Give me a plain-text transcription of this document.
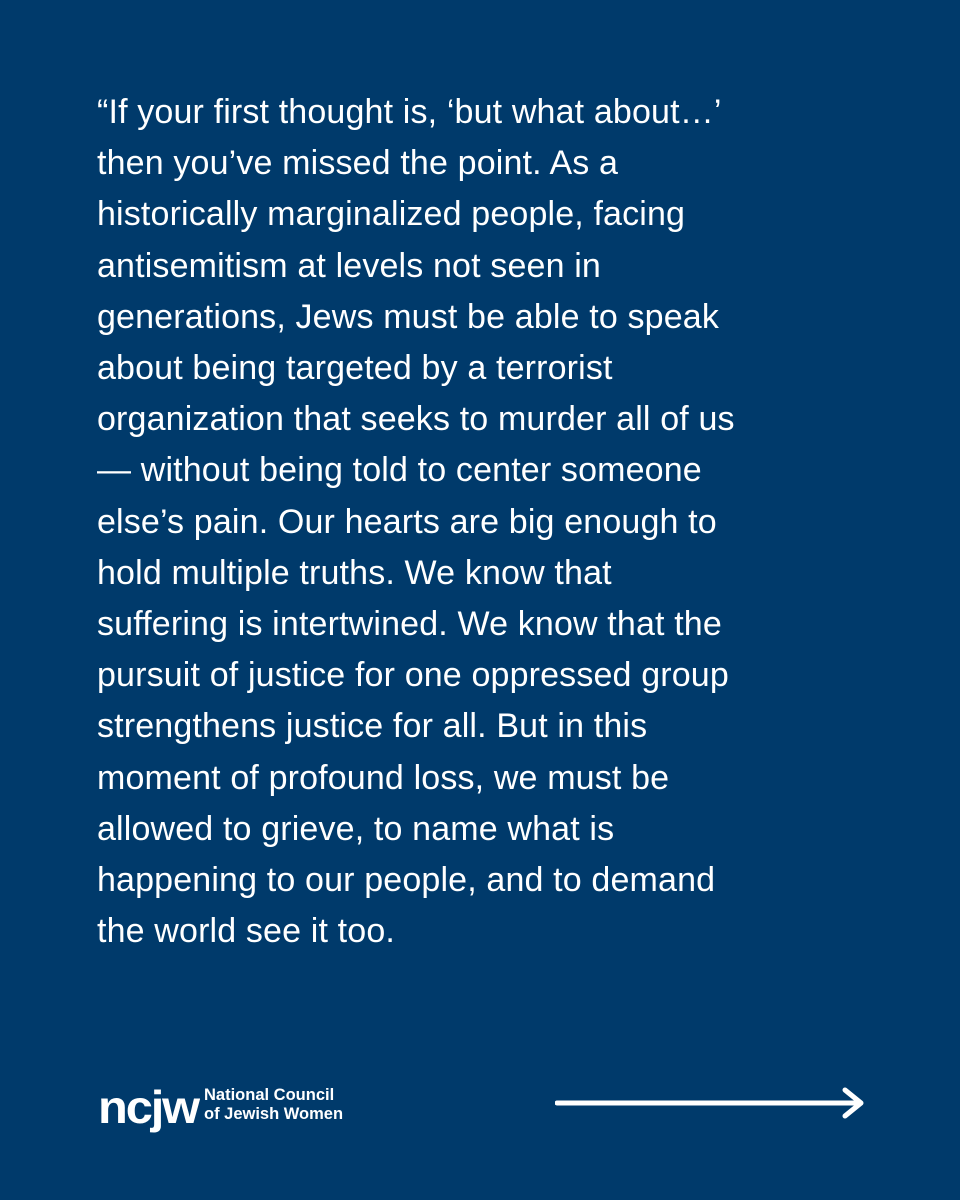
“If your first thought is, ‘but what about…’
then you’ve missed the point. As a
historically marginalized people, facing
antisemitism at levels not seen in
generations, Jews must be able to speak
about being targeted by a terrorist
organization that seeks to murder all of us
— without being told to center someone
else’s pain. Our hearts are big enough to
hold multiple truths. We know that
suffering is intertwined. We know that the
pursuit of justice for one oppressed group
strengthens justice for all. But in this
moment of profound loss, we must be
allowed to grieve, to name what is
happening to our people, and to demand
the world see it too.

ncjw National Council
of Jewish Women
